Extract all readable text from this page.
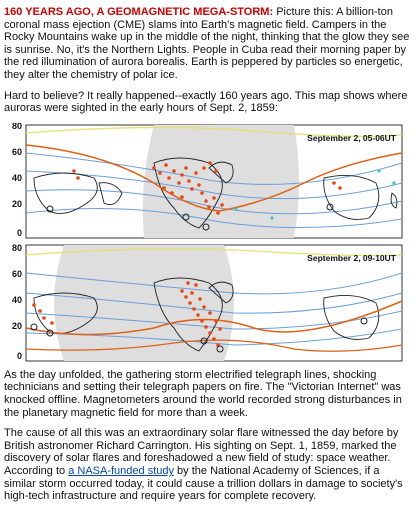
160 YEARS AGO, A GEOMAGNETIC MEGA-STORM: Picture this: A billion-ton coronal mass ejection (CME) slams into Earth's magnetic field. Campers in the Rocky Mountains wake up in the middle of the night, thinking that the glow they see is sunrise. No, it's the Northern Lights. People in Cuba read their morning paper by the red illumination of aurora borealis. Earth is peppered by particles so energetic, they alter the chemistry of polar ice.

Hard to believe? It really happened--exactly 160 years ago. This map shows where auroras were sighted in the early hours of Sept. 2, 1859:

September 2, 05-06UT
80
60
40
20
0
September 2, 09-10UT
80
60
40
20
0

As the day unfolded, the gathering storm electrified telegraph lines, shocking technicians and setting their telegraph papers on fire. The "Victorian Internet" was knocked offline. Magnetometers around the world recorded strong disturbances in the planetary magnetic field for more than a week.

The cause of all this was an extraordinary solar flare witnessed the day before by British astronomer Richard Carrington. His sighting on Sept. 1, 1859, marked the discovery of solar flares and foreshadowed a new field of study: space weather. According to a NASA-funded study by the National Academy of Sciences, if a similar storm occurred today, it could cause a trillion dollars in damage to society's high-tech infrastructure and require years for complete recovery.
